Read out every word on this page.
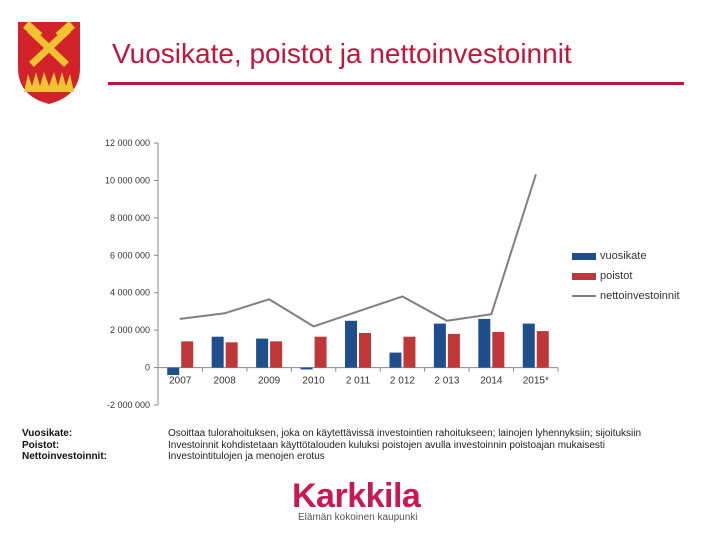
Vuosikate, poistot ja nettoinvestoinnit
-2 000 000
0
2 000 000
4 000 000
6 000 000
8 000 000
10 000 000
12 000 000
2007 2008 2009 2010 2 011 2 012 2 013 2014 2015*
vuosikate
poistot
nettoinvestoinnit
Vuosikate:
Poistot:
Nettoinvestoinnit:
Osoittaa tulorahoituksen, joka on käytettävissä investointien rahoitukseen; lainojen lyhennyksiin; sijoituksiin
Investoinnit kohdistetaan käyttötalouden kuluksi poistojen avulla investoinnin poistoajan mukaisesti
Investointitulojen ja menojen erotus
Karkkila
Elämän kokoinen kaupunki
